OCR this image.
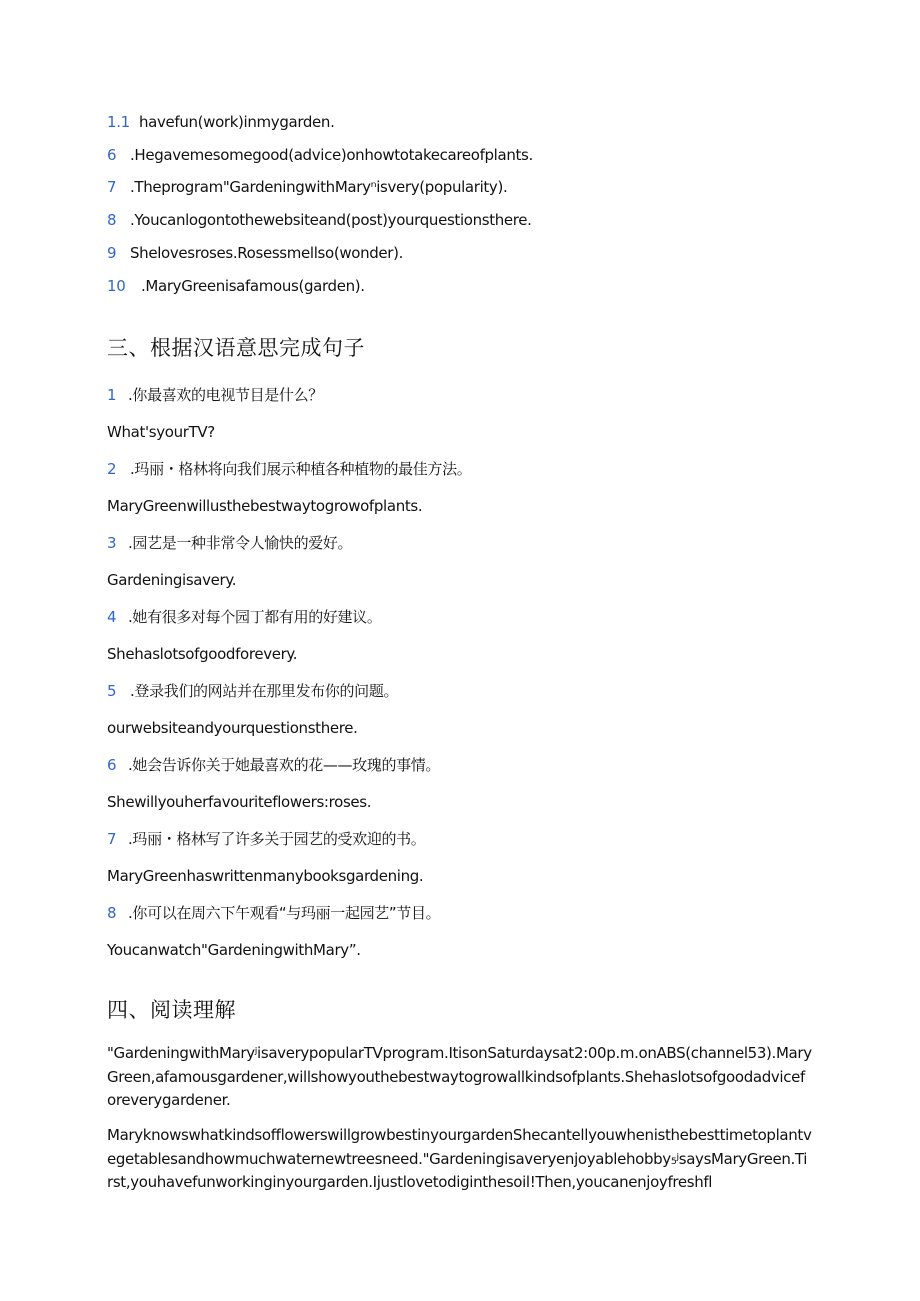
1.1 havefun(work)inmygarden.
6 .Hegavemesomegood(advice)onhowtotakecareofplants.
7 .Theprogram"GardeningwithMaryⁿisvery(popularity).
8 .Youcanlogontothewebsiteand(post)yourquestionsthere.
9 Shelovesroses.Rosessmellso(wonder).
10 .MaryGreenisafamous(garden).
三、根据汉语意思完成句子
1 .你最喜欢的电视节目是什么？
What'syourTV?
2 .玛丽・格林将向我们展示种植各种植物的最佳方法。
MaryGreenwillusthebestwaytogrowofplants.
3 .园艺是一种非常令人愉快的爱好。
Gardeningisavery.
4 .她有很多对每个园丁都有用的好建议。
Shehaslotsofgoodforevery.
5 .登录我们的网站并在那里发布你的问题。
ourwebsiteandyourquestionsthere.
6 .她会告诉你关于她最喜欢的花——玫瑰的事情。
Shewillyouherfavouriteflowers:roses.
7 .玛丽・格林写了许多关于园艺的受欢迎的书。
MaryGreenhaswrittenmanybooksgardening.
8 .你可以在周六下午观看“与玛丽一起园艺”节目。
Youcanwatch"GardeningwithMary”.
四、阅读理解

"GardeningwithMaryʲisaverypopularTVprogram.ItisonSaturdaysat2:00p.m.onABS(channel53).MaryGreen,afamousgardener,willshowyouthebestwaytogrowallkindsofplants.Shehaslotsofgoodadviceforeverygardener.

MaryknowswhatkindsofflowerswillgrowbestinyourgardenShecantellyouwhenisthebesttimetoplantvegetablesandhowmuchwaternewtreesneed."Gardeningisaveryenjoyablehobby₅ʲsaysMaryGreen.Tirst,youhavefunworkinginyourgarden.Ijustlovetodiginthesoil!Then,youcanenjoyfreshfl
